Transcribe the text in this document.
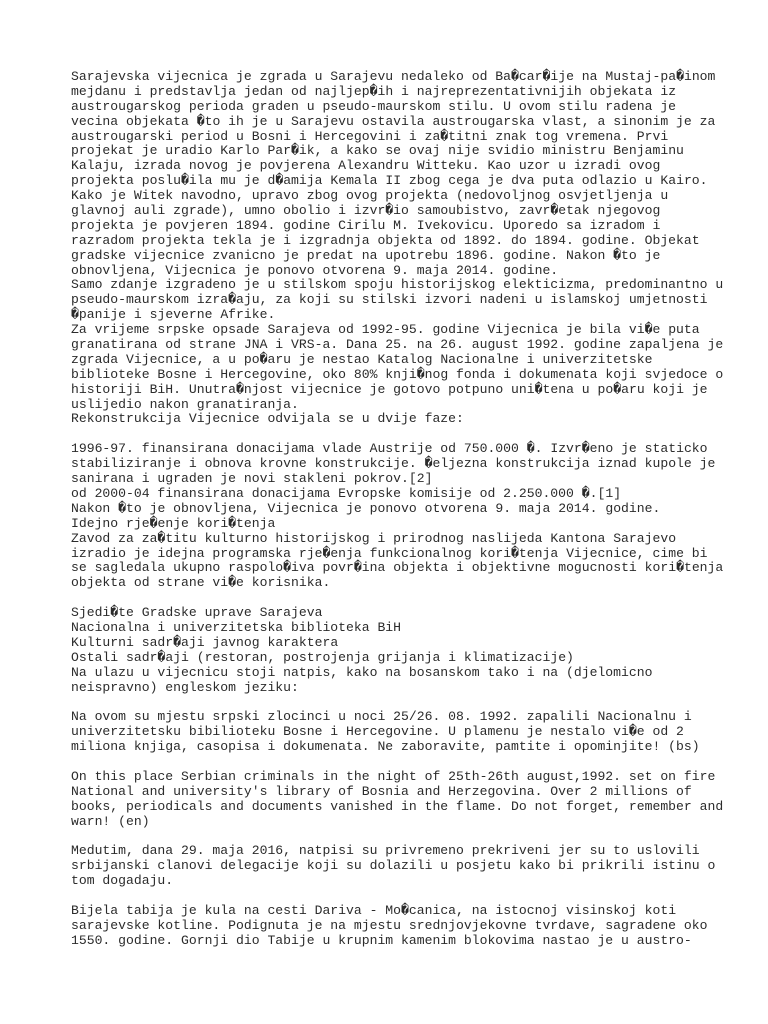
Sarajevska vijecnica je zgrada u Sarajevu nedaleko od Ba�car�ije na Mustaj-pa�inom
mejdanu i predstavlja jedan od najljep�ih i najreprezentativnijih objekata iz
austrougarskog perioda graden u pseudo-maurskom stilu. U ovom stilu radena je
vecina objekata �to ih je u Sarajevu ostavila austrougarska vlast, a sinonim je za
austrougarski period u Bosni i Hercegovini i za�titni znak tog vremena. Prvi
projekat je uradio Karlo Par�ik, a kako se ovaj nije svidio ministru Benjaminu
Kalaju, izrada novog je povjerena Alexandru Witteku. Kao uzor u izradi ovog
projekta poslu�ila mu je d�amija Kemala II zbog cega je dva puta odlazio u Kairo.
Kako je Witek navodno, upravo zbog ovog projekta (nedovoljnog osvjetljenja u
glavnoj auli zgrade), umno obolio i izvr�io samoubistvo, zavr�etak njegovog
projekta je povjeren 1894. godine Cirilu M. Ivekovicu. Uporedo sa izradom i
razradom projekta tekla je i izgradnja objekta od 1892. do 1894. godine. Objekat
gradske vijecnice zvanicno je predat na upotrebu 1896. godine. Nakon �to je
obnovljena, Vijecnica je ponovo otvorena 9. maja 2014. godine.
Samo zdanje izgradeno je u stilskom spoju historijskog elekticizma, predominantno u
pseudo-maurskom izra�aju, za koji su stilski izvori nadeni u islamskoj umjetnosti
�panije i sjeverne Afrike.
Za vrijeme srpske opsade Sarajeva od 1992-95. godine Vijecnica je bila vi�e puta
granatirana od strane JNA i VRS-a. Dana 25. na 26. august 1992. godine zapaljena je
zgrada Vijecnice, a u po�aru je nestao Katalog Nacionalne i univerzitetske
biblioteke Bosne i Hercegovine, oko 80% knji�nog fonda i dokumenata koji svjedoce o
historiji BiH. Unutra�njost vijecnice je gotovo potpuno uni�tena u po�aru koji je
uslijedio nakon granatiranja.
Rekonstrukcija Vijecnice odvijala se u dvije faze:
1996-97. finansirana donacijama vlade Austrije od 750.000 �. Izvr�eno je staticko
stabiliziranje i obnova krovne konstrukcije. �eljezna konstrukcija iznad kupole je
sanirana i ugraden je novi stakleni pokrov.[2]
od 2000-04 finansirana donacijama Evropske komisije od 2.250.000 �.[1]
Nakon �to je obnovljena, Vijecnica je ponovo otvorena 9. maja 2014. godine.
Idejno rje�enje kori�tenja
Zavod za za�titu kulturno historijskog i prirodnog naslijeda Kantona Sarajevo
izradio je idejna programska rje�enja funkcionalnog kori�tenja Vijecnice, cime bi
se sagledala ukupno raspolo�iva povr�ina objekta i objektivne mogucnosti kori�tenja
objekta od strane vi�e korisnika.
Sjedi�te Gradske uprave Sarajeva
Nacionalna i univerzitetska biblioteka BiH
Kulturni sadr�aji javnog karaktera
Ostali sadr�aji (restoran, postrojenja grijanja i klimatizacije)
Na ulazu u vijecnicu stoji natpis, kako na bosanskom tako i na (djelomicno
neispravno) engleskom jeziku:
Na ovom su mjestu srpski zlocinci u noci 25/26. 08. 1992. zapalili Nacionalnu i
univerzitetsku bibilioteku Bosne i Hercegovine. U plamenu je nestalo vi�e od 2
miliona knjiga, casopisa i dokumenata. Ne zaboravite, pamtite i opominjite! (bs)
On this place Serbian criminals in the night of 25th-26th august,1992. set on fire
National and university's library of Bosnia and Herzegovina. Over 2 millions of
books, periodicals and documents vanished in the flame. Do not forget, remember and
warn! (en)
Medutim, dana 29. maja 2016, natpisi su privremeno prekriveni jer su to uslovili
srbijanski clanovi delegacije koji su dolazili u posjetu kako bi prikrili istinu o
tom dogadaju.
Bijela tabija je kula na cesti Dariva - Mo�canica, na istocnoj visinskoj koti
sarajevske kotline. Podignuta je na mjestu srednjovjekovne tvrdave, sagradene oko
1550. godine. Gornji dio Tabije u krupnim kamenim blokovima nastao je u austro-
